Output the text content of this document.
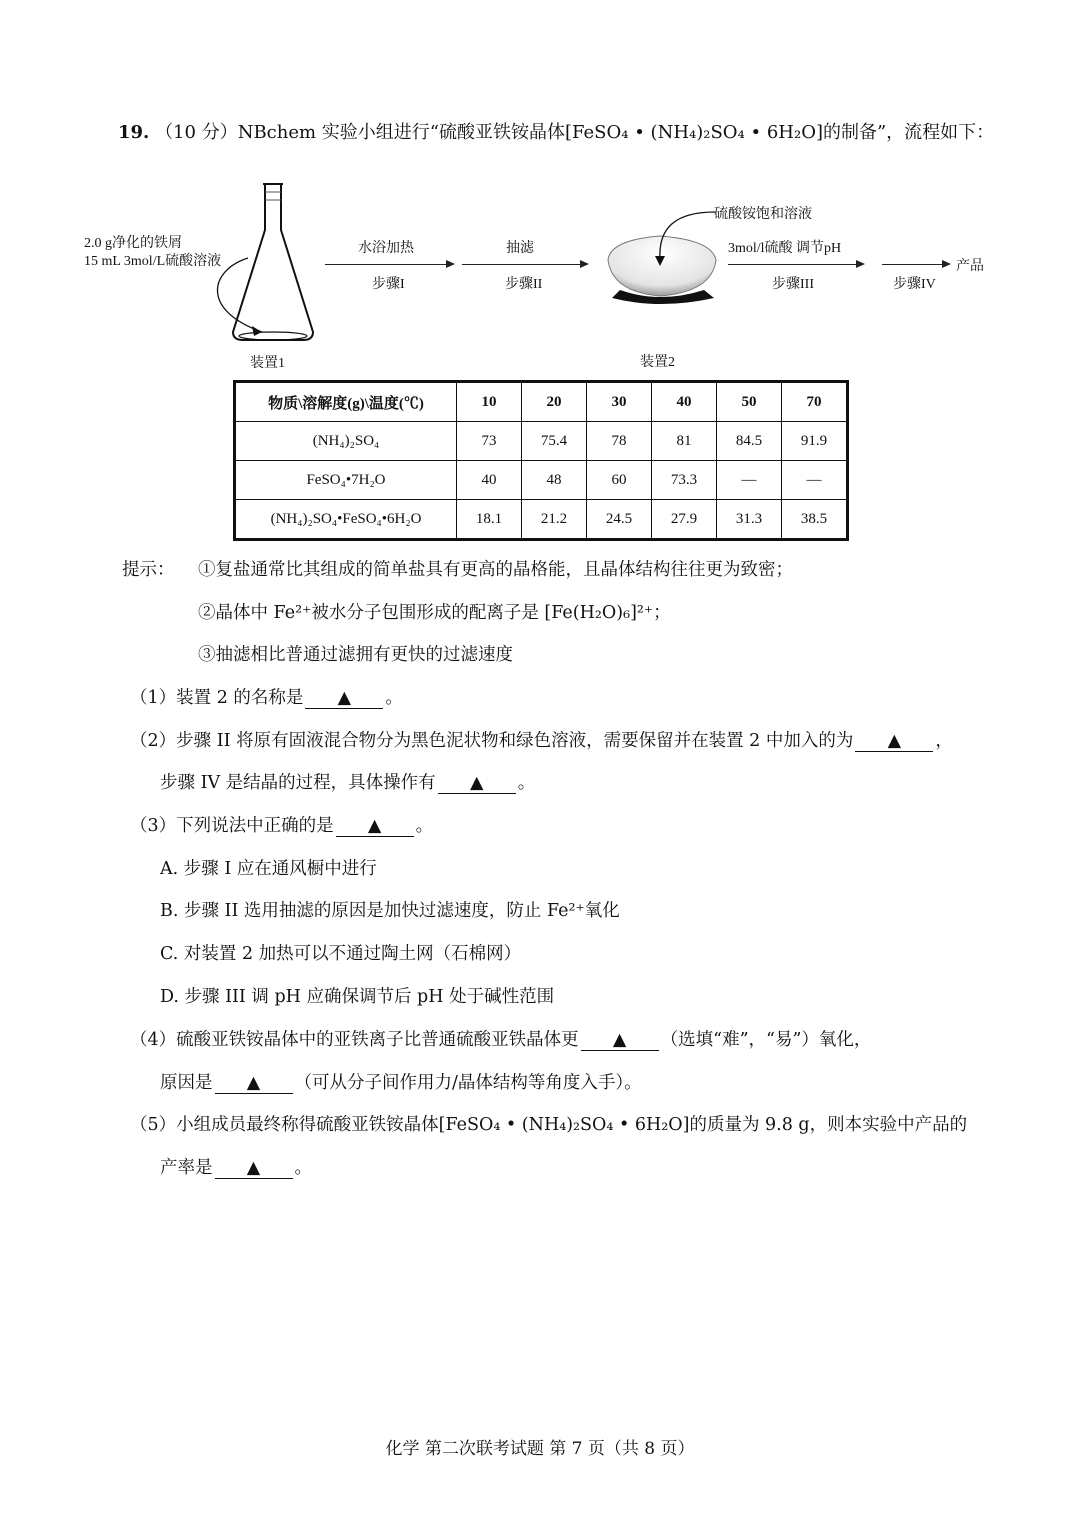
19. （10 分）NBchem 实验小组进行“硫酸亚铁铵晶体[FeSO₄ • (NH₄)₂SO₄ • 6H₂O]的制备”，流程如下：
2.0 g净化的铁屑
15 mL 3mol/L硫酸溶液
装置1
水浴加热
步骤I
抽滤
步骤II
硫酸铵饱和溶液
装置2
3mol/l硫酸 调节pH
步骤III	步骤IV
产品
物质\溶解度(g)\温度(℃)	10	20	30	40	50	70
(NH₄)₂SO₄	73	75.4	78	81	84.5	91.9
FeSO₄•7H₂O	40	48	60	73.3	—	—
(NH₄)₂SO₄•FeSO₄•6H₂O	18.1	21.2	24.5	27.9	31.3	38.5
提示： ①复盐通常比其组成的简单盐具有更高的晶格能，且晶体结构往往更为致密；
②晶体中 Fe²⁺被水分子包围形成的配离子是 [Fe(H₂O)₆]²⁺；
③抽滤相比普通过滤拥有更快的过滤速度
（1）装置 2 的名称是 ▲ 。
（2）步骤 II 将原有固液混合物分为黑色泥状物和绿色溶液，需要保留并在装置 2 中加入的为 ▲ ，
步骤 IV 是结晶的过程，具体操作有 ▲ 。
（3）下列说法中正确的是 ▲ 。
A. 步骤 I 应在通风橱中进行
B. 步骤 II 选用抽滤的原因是加快过滤速度，防止 Fe²⁺氧化
C. 对装置 2 加热可以不通过陶土网（石棉网）
D. 步骤 III 调 pH 应确保调节后 pH 处于碱性范围
（4）硫酸亚铁铵晶体中的亚铁离子比普通硫酸亚铁晶体更 ▲ （选填“难”，“易”）氧化，
原因是 ▲ （可从分子间作用力/晶体结构等角度入手）。
（5）小组成员最终称得硫酸亚铁铵晶体[FeSO₄ • (NH₄)₂SO₄ • 6H₂O]的质量为 9.8 g，则本实验中产品的
产率是 ▲ 。
化学 第二次联考试题 第 7 页（共 8 页）
